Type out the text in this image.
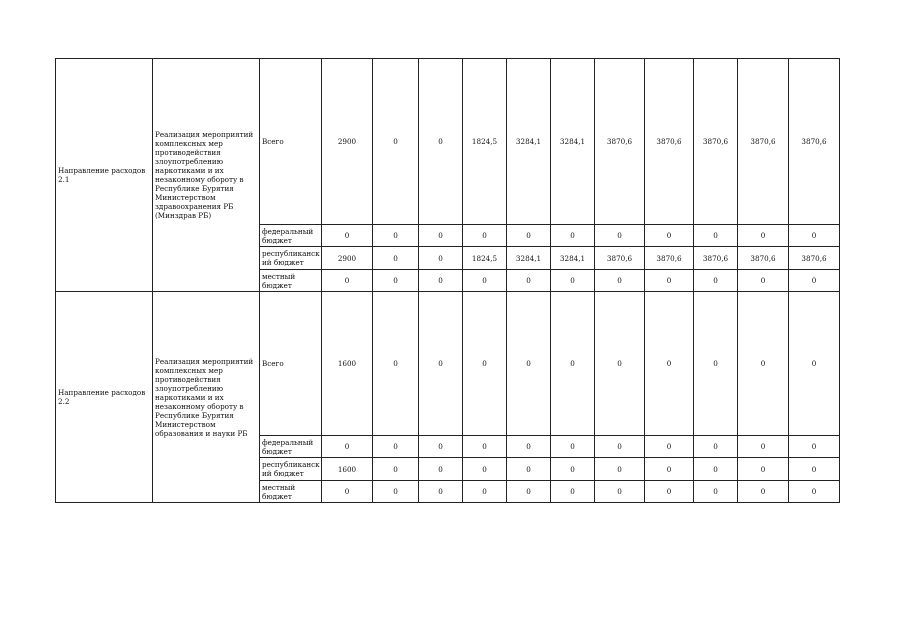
Направление расходов 2.1	Реализация мероприятий комплексных мер противодействия злоупотреблению наркотиками и их незаконному обороту в Республике Бурятия Министерством здравоохранения РБ (Минздрав РБ)	Всего	2900	0	0	1824,5	3284,1	3284,1	3870,6	3870,6	3870,6	3870,6	3870,6
		федеральный бюджет	0	0	0	0	0	0	0	0	0	0	0
		республиканск ий бюджет	2900	0	0	1824,5	3284,1	3284,1	3870,6	3870,6	3870,6	3870,6	3870,6
		местный бюджет	0	0	0	0	0	0	0	0	0	0	0
Направление расходов 2.2	Реализация мероприятий комплексных мер противодействия злоупотреблению наркотиками и их незаконному обороту в Республике Бурятия Министерством образования и науки РБ	Всего	1600	0	0	0	0	0	0	0	0	0	0
		федеральный бюджет	0	0	0	0	0	0	0	0	0	0	0
		республиканск ий бюджет	1600	0	0	0	0	0	0	0	0	0	0
		местный бюджет	0	0	0	0	0	0	0	0	0	0	0
